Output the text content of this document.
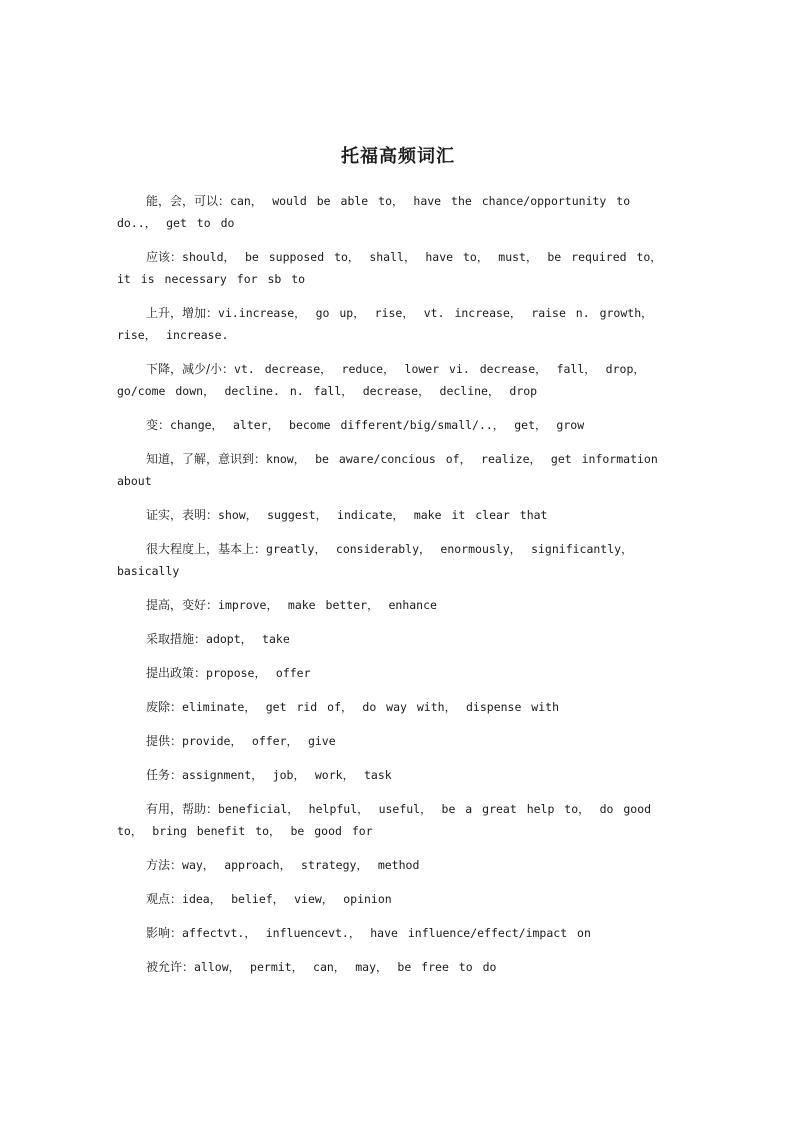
托福高频词汇

能，会，可以：can， would be able to， have the chance/opportunity to do..， get to do

应该：should， be supposed to， shall， have to， must， be required to， it is necessary for sb to

上升，增加：vi.increase， go up， rise， vt. increase， raise n. growth， rise， increase.

下降，减少/小：vt. decrease， reduce， lower vi. decrease， fall， drop， go/come down， decline. n. fall， decrease， decline， drop

变：change， alter， become different/big/small/..， get， grow

知道，了解，意识到：know， be aware/concious of， realize， get information about

证实，表明：show， suggest， indicate， make it clear that

很大程度上，基本上：greatly， considerably， enormously， significantly， basically

提高，变好：improve， make better， enhance

采取措施：adopt， take

提出政策：propose， offer

废除：eliminate， get rid of， do way with， dispense with

提供：provide， offer， give

任务：assignment， job， work， task

有用，帮助：beneficial， helpful， useful， be a great help to， do good to， bring benefit to， be good for

方法：way， approach， strategy， method

观点：idea， belief， view， opinion

影响：affectvt.， influencevt.， have influence/effect/impact on

被允许：allow， permit， can， may， be free to do
